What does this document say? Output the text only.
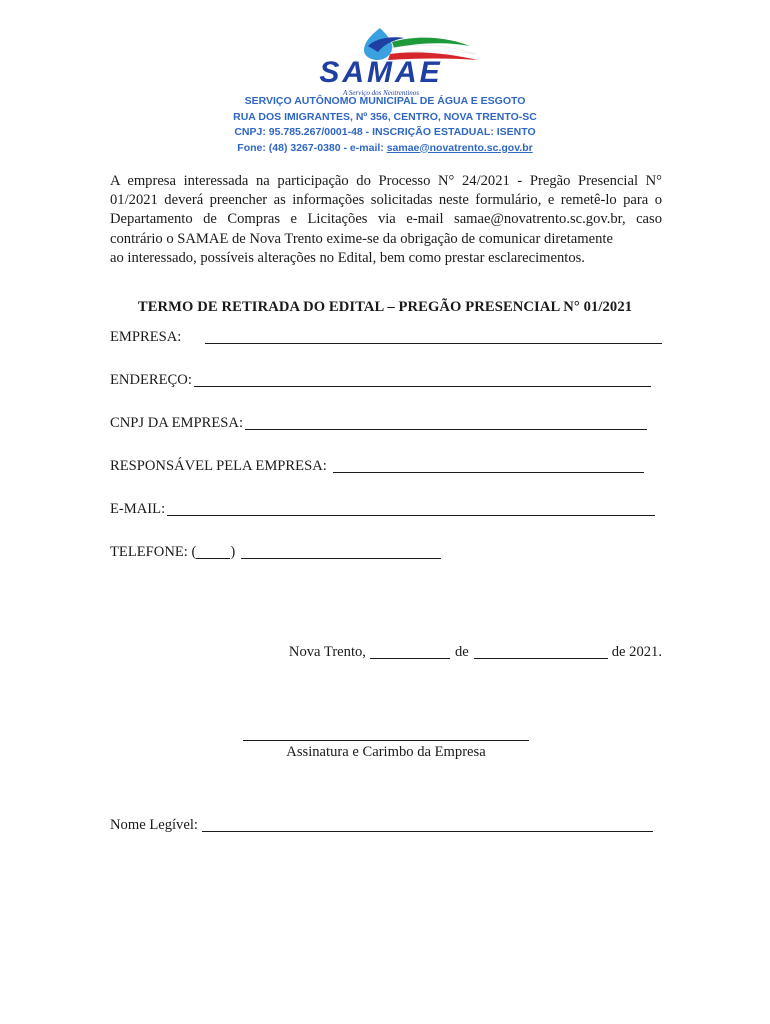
SAMAE
A Serviço dos Neotrentinos
SERVIÇO AUTÔNOMO MUNICIPAL DE ÁGUA E ESGOTO
RUA DOS IMIGRANTES, Nº 356, CENTRO, NOVA TRENTO-SC
CNPJ: 95.785.267/0001-48 - INSCRIÇÃO ESTADUAL: ISENTO
Fone: (48) 3267-0380 - e-mail: samae@novatrento.sc.gov.br
A empresa interessada na participação do Processo N° 24/2021 - Pregão Presencial N° 01/2021 deverá preencher as informações solicitadas neste formulário, e remetê-lo para o Departamento de Compras e Licitações via e-mail samae@novatrento.sc.gov.br, caso contrário o SAMAE de Nova Trento exime-se da obrigação de comunicar diretamente
ao interessado, possíveis alterações no Edital, bem como prestar esclarecimentos.
TERMO DE RETIRADA DO EDITAL – PREGÃO PRESENCIAL N° 01/2021
EMPRESA:
ENDEREÇO:
CNPJ DA EMPRESA:
RESPONSÁVEL PELA EMPRESA:
E-MAIL:
TELEFONE: ( )
Nova Trento,	de	de 2021.
Assinatura e Carimbo da Empresa
Nome Legível:
